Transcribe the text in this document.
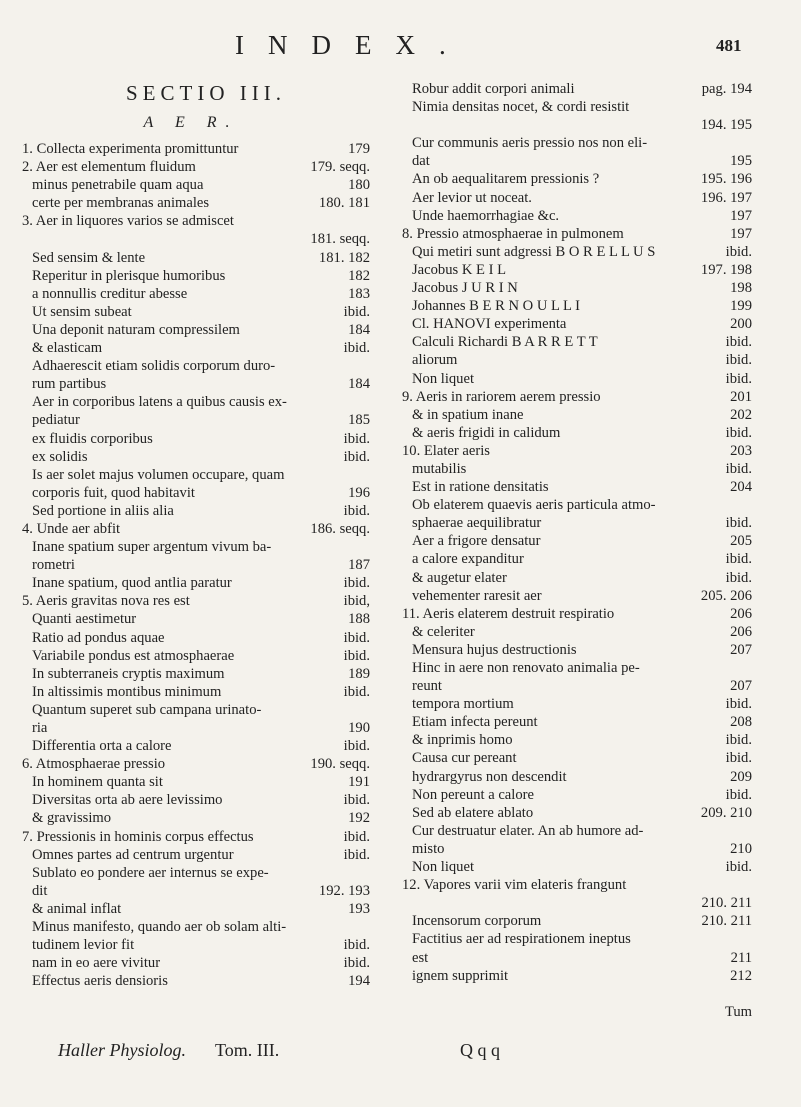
INDEX.	481
SECTIO III.
A E R.
1. Collecta experimenta promittuntur	179
2. Aer est elementum fluidum	179. seqq.
minus penetrabile quam aqua	180
certe per membranas animales	180. 181
3. Aer in liquores varios se admiscet
181. seqq.
Sed sensim & lente	181. 182
Reperitur in plerisque humoribus	182
a nonnullis creditur abesse	183
Ut sensim subeat	ibid.
Una deponit naturam compressilem	184
& elasticam	ibid.
Adhaerescit etiam solidis corporum duro-
rum partibus	184
Aer in corporibus latens a quibus causis ex-
pediatur	185
ex fluidis corporibus	ibid.
ex solidis	ibid.
Is aer solet majus volumen occupare, quam
corporis fuit, quod habitavit	196
Sed portione in aliis alia	ibid.
4. Unde aer abfit	186. seqq.
Inane spatium super argentum vivum ba-
rometri	187
Inane spatium, quod antlia paratur	ibid.
5. Aeris gravitas nova res est	ibid,
Quanti aestimetur	188
Ratio ad pondus aquae	ibid.
Variabile pondus est atmosphaerae	ibid.
In subterraneis cryptis maximum	189
In altissimis montibus minimum	ibid.
Quantum superet sub campana urinato-
ria	190
Differentia orta a calore	ibid.
6. Atmosphaerae pressio	190. seqq.
In hominem quanta sit	191
Diversitas orta ab aere levissimo	ibid.
& gravissimo	192
7. Pressionis in hominis corpus effectus	ibid.
Omnes partes ad centrum urgentur	ibid.
Sublato eo pondere aer internus se expe-
dit	192. 193
& animal inflat	193
Minus manifesto, quando aer ob solam alti-
tudinem levior fit	ibid.
nam in eo aere vivitur	ibid.
Effectus aeris densioris	194
Robur addit corpori animali	pag. 194
Nimia densitas nocet, & cordi resistit
194. 195
Cur communis aeris pressio nos non eli-
dat	195
An ob aequalitarem pressionis ?	195. 196
Aer levior ut noceat.	196. 197
Unde haemorrhagiae &c.	197
8. Pressio atmosphaerae in pulmonem	197
Qui metiri sunt adgressi B O R E L L U S	ibid.
Jacobus K E I L	197. 198
Jacobus J U R I N	198
Johannes B E R N O U L L I	199
Cl. HANOVI experimenta	200
Calculi Richardi B A R R E T T	ibid.
aliorum	ibid.
Non liquet	ibid.
9. Aeris in rariorem aerem pressio	201
& in spatium inane	202
& aeris frigidi in calidum	ibid.
10. Elater aeris	203
mutabilis	ibid.
Est in ratione densitatis	204
Ob elaterem quaevis aeris particula atmo-
sphaerae aequilibratur	ibid.
Aer a frigore densatur	205
a calore expanditur	ibid.
& augetur elater	ibid.
vehementer raresit aer	205. 206
11. Aeris elaterem destruit respiratio	206
& celeriter	206
Mensura hujus destructionis	207
Hinc in aere non renovato animalia pe-
reunt	207
tempora mortium	ibid.
Etiam infecta pereunt	208
& inprimis homo	ibid.
Causa cur pereant	ibid.
hydrargyrus non descendit	209
Non pereunt a calore	ibid.
Sed ab elatere ablato	209. 210
Cur destruatur elater. An ab humore ad-
misto	210
Non liquet	ibid.
12. Vapores varii vim elateris frangunt
210. 211
Incensorum corporum	210. 211
Factitius aer ad respirationem ineptus
est	211
ignem supprimit	212
Tum
Haller Physiolog. Tom. III.	Q q q
